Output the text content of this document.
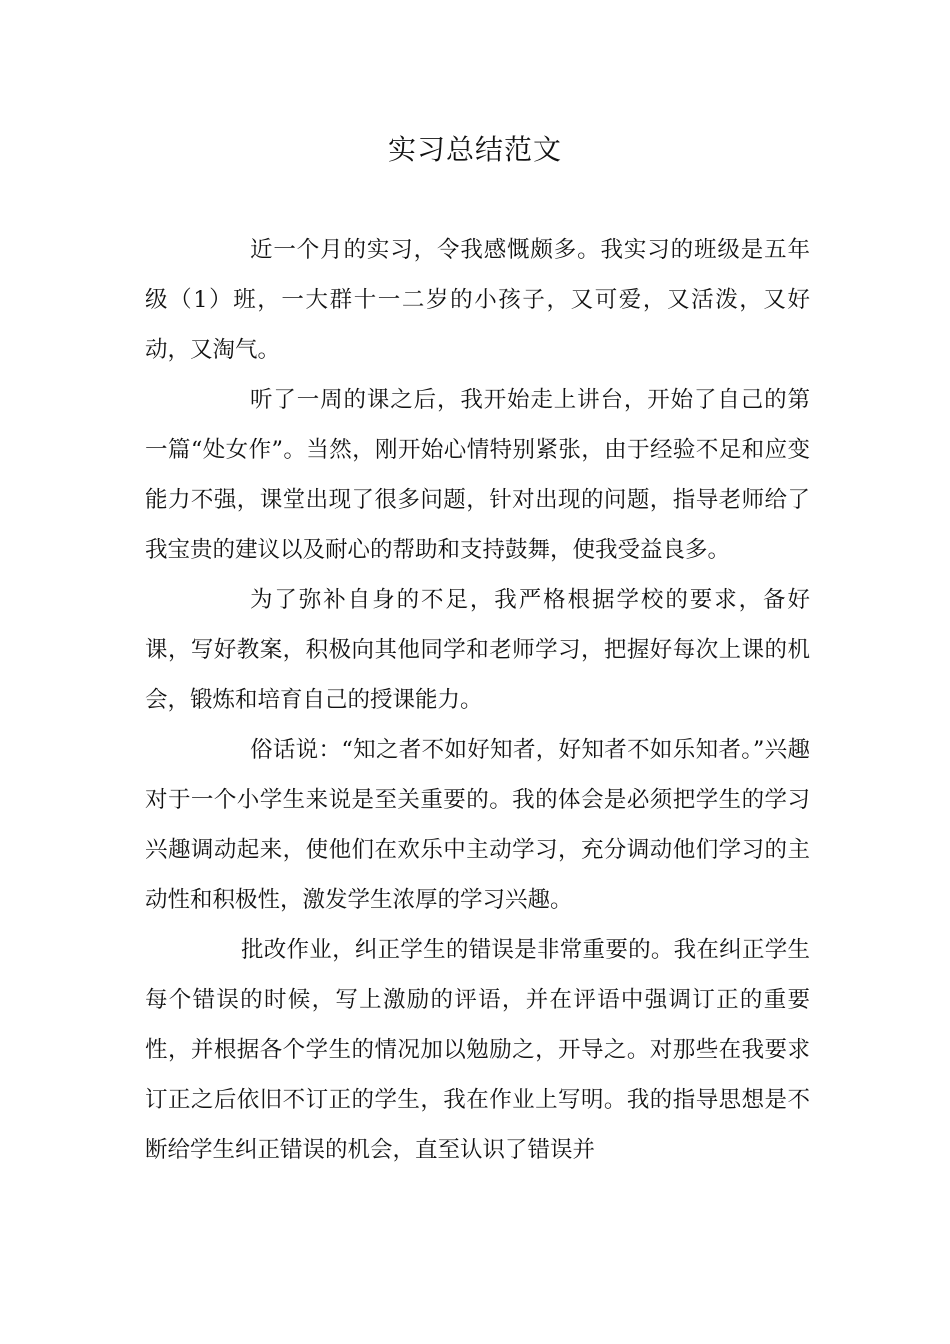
实习总结范文

近一个月的实习，令我感慨颇多。我实习的班级是五年级（1）班，一大群十一二岁的小孩子，又可爱，又活泼，又好动，又淘气。

听了一周的课之后，我开始走上讲台，开始了自己的第一篇“处女作”。当然，刚开始心情特别紧张，由于经验不足和应变能力不强，课堂出现了很多问题，针对出现的问题，指导老师给了我宝贵的建议以及耐心的帮助和支持鼓舞，使我受益良多。

为了弥补自身的不足，我严格根据学校的要求，备好课，写好教案，积极向其他同学和老师学习，把握好每次上课的机会，锻炼和培育自己的授课能力。

俗话说：“知之者不如好知者，好知者不如乐知者。”兴趣对于一个小学生来说是至关重要的。我的体会是必须把学生的学习兴趣调动起来，使他们在欢乐中主动学习，充分调动他们学习的主动性和积极性，激发学生浓厚的学习兴趣。

批改作业，纠正学生的错误是非常重要的。我在纠正学生每个错误的时候，写上激励的评语，并在评语中强调订正的重要性，并根据各个学生的情况加以勉励之，开导之。对那些在我要求订正之后依旧不订正的学生，我在作业上写明。我的指导思想是不断给学生纠正错误的机会，直至认识了错误并
